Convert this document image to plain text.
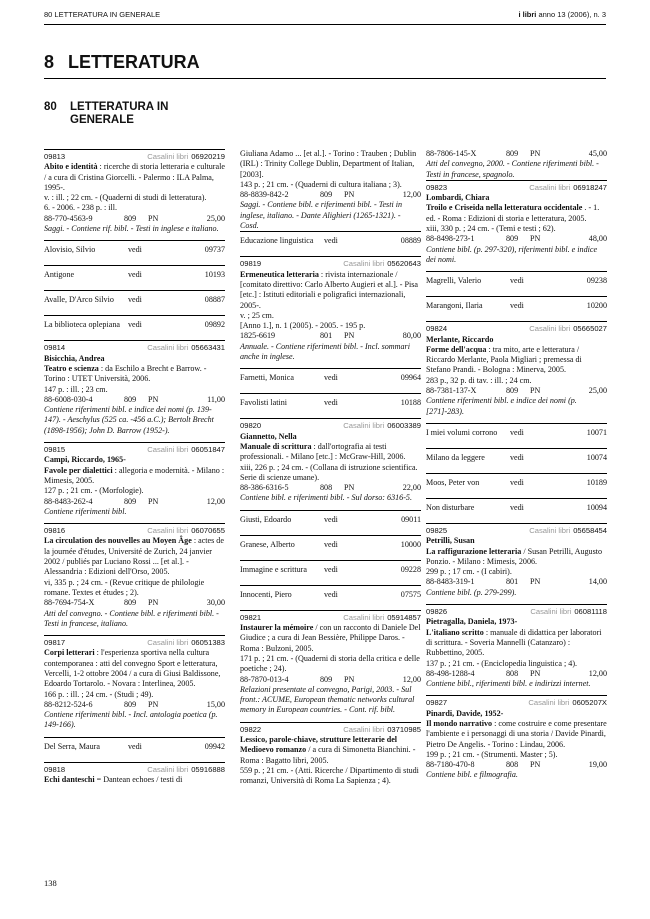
80 LETTERATURA IN GENERALE	i libri anno 13 (2006), n. 3
8 LETTERATURA
80	LETTERATURA IN
GENERALE
09813	Casalini libri 06920219
Abito e identità : ricerche di storia letteraria e culturale / a cura di Cristina Giorcelli. - Palermo : ILA Palma, 1995-.
v. : ill. ; 22 cm. - (Quaderni di studi di letteratura).
6. - 2006. - 238 p. : ill.
88-770-4563-9	809	PN	25,00
Saggi. - Contiene rif. bibl. - Testi in inglese e italiano.
Alovisio, Silvio	vedi	09737
Antigone	vedi	10193
Avalle, D'Arco Silvio	vedi	08887
La biblioteca oplepiana vedi	09892
09814	Casalini libri 05663431
Bisicchia, Andrea
Teatro e scienza : da Eschilo a Brecht e Barrow. - Torino : UTET Università, 2006.
147 p. : ill. ; 23 cm.
88-6008-030-4	809	PN	11,00
Contiene riferimenti bibl. e indice dei nomi (p. 139-147). - Aeschylus (525 ca. -456 a.C.); Bertolt Brecht (1898-1956); John D. Barrow (1952-).
09815	Casalini libri 06051847
Campi, Riccardo, 1965-
Favole per dialettici : allegoria e modernità. - Milano : Mimesis, 2005.
127 p. ; 21 cm. - (Morfologie).
88-8483-262-4	809	PN	12,00
Contiene riferimenti bibl.
09816	Casalini libri 06070655
La circulation des nouvelles au Moyen Âge : actes de la journée d'études, Université de Zurich, 24 janvier 2002 / publiés par Luciano Rossi ... [et al.]. - Alessandria : Edizioni dell'Orso, 2005.
vi, 335 p. ; 24 cm. - (Revue critique de philologie romane. Textes et études ; 2).
88-7694-754-X	809	PN	30,00
Atti del convegno. - Contiene bibl. e riferimenti bibl. - Testi in francese, italiano.
09817	Casalini libri 06051383
Corpi letterari : l'esperienza sportiva nella cultura contemporanea : atti del convegno Sport e letteratura, Vercelli, 1-2 ottobre 2004 / a cura di Giusi Baldissone, Edoardo Tortarolo. - Novara : Interlinea, 2005.
166 p. : ill. ; 24 cm. - (Studi ; 49).
88-8212-524-6	809	PN	15,00
Contiene riferimenti bibl. - Incl. antologia poetica (p. 149-166).
Del Serra, Maura	vedi	09942
09818	Casalini libri 05916888
Echi danteschi = Dantean echoes / testi di
Giuliana Adamo ... [et al.]. - Torino : Trauben ; Dublin (IRL) : Trinity College Dublin, Department of Italian, [2003].
143 p. ; 21 cm. - (Quaderni di cultura italiana ; 3).
88-8839-842-2	809	PN	12,00
Saggi. - Contiene bibl. e riferimenti bibl. - Testi in inglese, italiano. - Dante Alighieri (1265-1321). - Cosd.
Educazione linguistica	vedi	08889
09819	Casalini libri 05620643
Ermeneutica letteraria : rivista internazionale / [comitato direttivo: Carlo Alberto Augieri et al.]. - Pisa [etc.] : Istituti editoriali e poligrafici internazionali, 2005-.
v. ; 25 cm.
[Anno 1.], n. 1 (2005). - 2005. - 195 p.
1825-6619	801	PN	80,00
Annuale. - Contiene riferimenti bibl. - Incl. sommari anche in inglese.
Farnetti, Monica	vedi	09964
Favolisti latini	vedi	10188
09820	Casalini libri 06003389
Giannetto, Nella
Manuale di scrittura : dall'ortografia ai testi professionali. - Milano [etc.] : McGraw-Hill, 2006.
xiii, 226 p. ; 24 cm. - (Collana di istruzione scientifica. Serie di scienze umane).
88-386-6316-5	808	PN	22,00
Contiene bibl. e riferimenti bibl. - Sul dorso: 6316-5.
Giusti, Edoardo	vedi	09011
Granese, Alberto	vedi	10000
Immagine e scrittura	vedi	09228
Innocenti, Piero	vedi	07575
09821	Casalini libri 05914857
Instaurer la mémoire / con un racconto di Daniele Del Giudice ; a cura di Jean Bessière, Philippe Daros. - Roma : Bulzoni, 2005.
171 p. ; 21 cm. - (Quaderni di storia della critica e delle poetiche ; 24).
88-7870-013-4	809	PN	12,00
Relazioni presentate al convegno, Parigi, 2003. - Sul front.: ACUME, European thematic networks cultural memory in European countries. - Cont. rif. bibl.
09822	Casalini libri 03710985
Lessico, parole-chiave, strutture letterarie del Medioevo romanzo / a cura di Simonetta Bianchini. - Roma : Bagatto libri, 2005.
559 p. ; 21 cm. - (Atti. Ricerche / Dipartimento di studi romanzi, Università di Roma La Sapienza ; 4).
88-7806-145-X	809	PN	45,00
Atti del convegno, 2000. - Contiene riferimenti bibl. - Testi in francese, spagnolo.
09823	Casalini libri 06918247
Lombardi, Chiara
Troilo e Criseida nella letteratura occidentale . - 1. ed. - Roma : Edizioni di storia e letteratura, 2005.
xiii, 330 p. ; 24 cm. - (Temi e testi ; 62).
88-8498-273-1	809	PN	48,00
Contiene bibl. (p. 297-320), riferimenti bibl. e indice dei nomi.
Magrelli, Valerio	vedi	09238
Marangoni, Ilaria	vedi	10200
09824	Casalini libri 05665027
Merlante, Riccardo
Forme dell'acqua : tra mito, arte e letteratura / Riccardo Merlante, Paola Migliari ; premessa di Stefano Prandi. - Bologna : Minerva, 2005.
283 p., 32 p. di tav. : ill. ; 24 cm.
88-7381-137-X	809	PN	25,00
Contiene riferimenti bibl. e indice dei nomi (p. [271]-283).
I miei volumi corrono	vedi	10071
Milano da leggere	vedi	10074
Moos, Peter von	vedi	10189
Non disturbare	vedi	10094
09825	Casalini libri 05658454
Petrilli, Susan
La raffigurazione letteraria / Susan Petrilli, Augusto Ponzio. - Milano : Mimesis, 2006.
299 p. ; 17 cm. - (I cabiri).
88-8483-319-1	801	PN	14,00
Contiene bibl. (p. 279-299).
09826	Casalini libri 06081118
Pietragalla, Daniela, 1973-
L'italiano scritto : manuale di didattica per laboratori di scrittura. - Soveria Mannelli (Catanzaro) : Rubbettino, 2005.
137 p. ; 21 cm. - (Enciclopedia linguistica ; 4).
88-498-1288-4	808	PN	12,00
Contiene bibl., riferimenti bibl. e indirizzi internet.
09827	Casalini libri 0605207X
Pinardi, Davide, 1952-
Il mondo narrativo : come costruire e come presentare l'ambiente e i personaggi di una storia / Davide Pinardi, Pietro De Angelis. - Torino : Lindau, 2006.
199 p. ; 21 cm. - (Strumenti. Master ; 5).
88-7180-470-8	808	PN	19,00
Contiene bibl. e filmografia.
138
